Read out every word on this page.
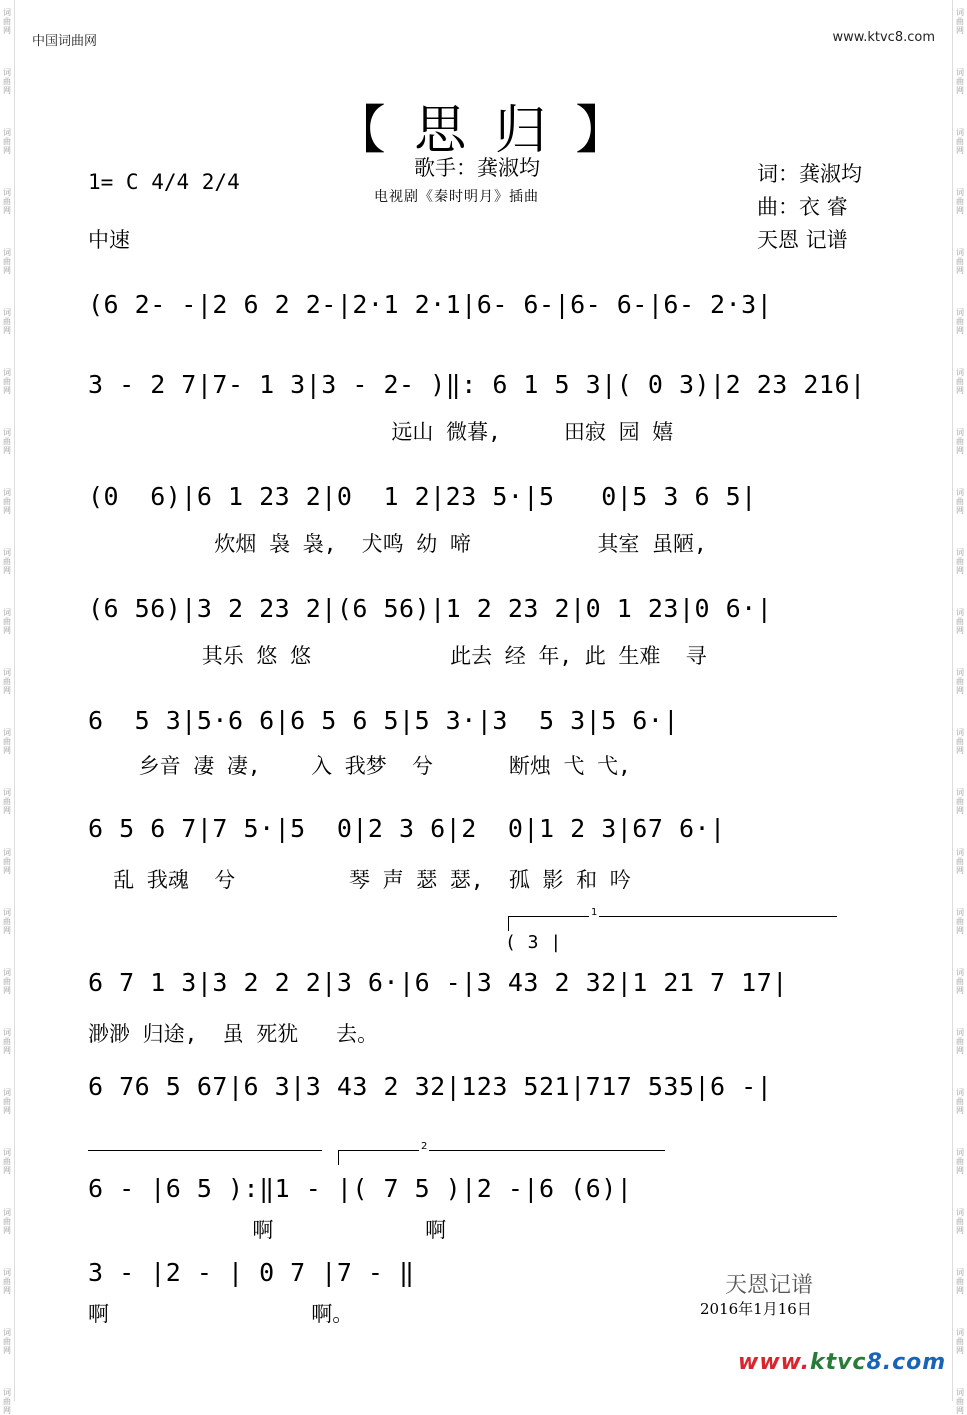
词曲网
词曲网
词曲网
词曲网
词曲网
词曲网
词曲网
词曲网
词曲网
词曲网
词曲网
词曲网
词曲网
词曲网
词曲网
词曲网
词曲网
词曲网
词曲网
词曲网
词曲网
词曲网
词曲网
词曲网
词曲网
词曲网
词曲网
词曲网
词曲网
词曲网
词曲网
词曲网
词曲网
词曲网
词曲网
词曲网
词曲网
词曲网
词曲网
词曲网
词曲网
词曲网
词曲网
词曲网
词曲网
词曲网
词曲网
词曲网
中国词曲网	www.ktvc8.com
【 思 归 】
歌手：龚淑均
电视剧《秦时明月》插曲
1= C 4/4 2/4
中速
词：龚淑均
曲：衣 睿
天恩 记谱
(6 2- -|2 6 2 2-|2·1 2·1|6- 6-|6- 6-|6- 2·3|
3 - 2 7|7- 1 3|3 - 2- )‖: 6 1 5 3|( 0 3)|2 23 216|
远山 微暮,     田寂 园 嬉
(0  6)|6 1 23 2|0  1 2|23 5·|5   0|5 3 6 5|
炊烟 袅 袅,  犬鸣 幼 啼          其室 虽陋,
(6 56)|3 2 23 2|(6 56)|1 2 23 2|0 1 23|0 6·|
其乐 悠 悠           此去 经 年, 此 生难  寻
6  5 3|5·6 6|6 5 6 5|5 3·|3  5 3|5 6·|
乡音 凄 凄,    入 我梦  兮      断烛 弋 弋,
6 5 6 7|7 5·|5  0|2 3 6|2  0|1 2 3|67 6·|
乱 我魂  兮         琴 声 瑟 瑟,  孤 影 和 吟
1
( 3 |
6 7 1 3|3 2 2 2|3 6·|6 -|3 43 2 32|1 21 7 17|
渺渺 归途,  虽 死犹   去。
6 76 5 67|6 3|3 43 2 32|123 521|717 535|6 -|
2
6 - |6 5 ):‖1 - |( 7 5 )|2 -|6 (6)|
啊            啊
3 - |2 - | 0 7 |7 - ‖
啊                啊。
天恩记谱
2016年1月16日
www.ktvc8.com
